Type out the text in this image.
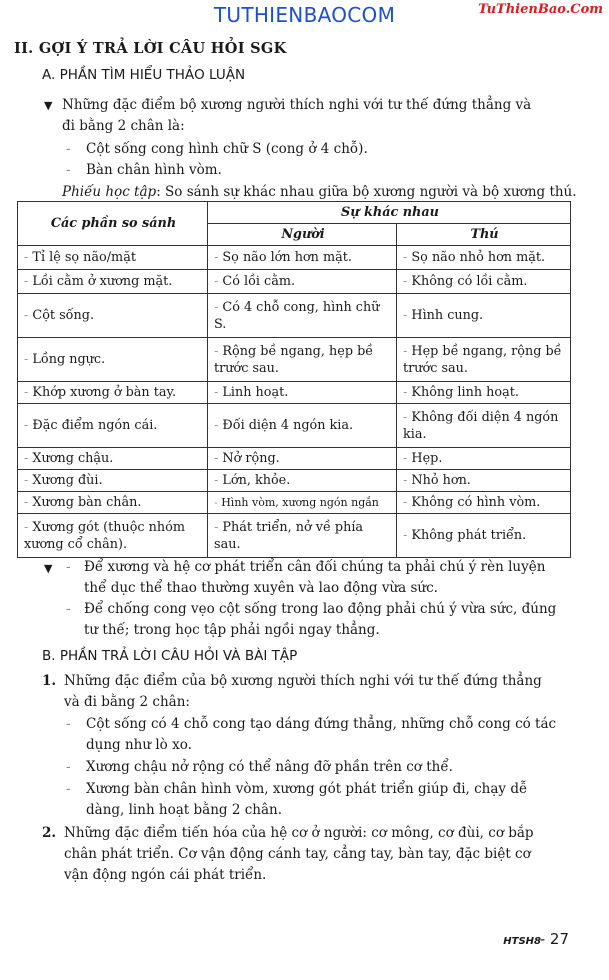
TUTHIENBAOCOM	TuThienBao.Com
II. GỢI Ý TRẢ LỜI CÂU HỎI SGK
A. PHẦN TÌM HIỂU THẢO LUẬN
▼ Những đặc điểm bộ xương người thích nghi với tư thế đứng thẳng và
đi bằng 2 chân là:
- Cột sống cong hình chữ S (cong ở 4 chỗ).
- Bàn chân hình vòm.
Phiếu học tập: So sánh sự khác nhau giữa bộ xương người và bộ xương thú.
Các phần so sánh	Sự khác nhau	
	Người	Thú
- Tỉ lệ sọ não/mặt	- Sọ não lớn hơn mặt.	- Sọ não nhỏ hơn mặt.
- Lồi cằm ở xương mặt.	- Có lồi cằm.	- Không có lồi cằm.
- Cột sống.	- Có 4 chỗ cong, hình chữ S.	- Hình cung.
- Lồng ngực.	- Rộng bề ngang, hẹp bề trước sau.	- Hẹp bề ngang, rộng bề trước sau.
- Khớp xương ở bàn tay.	- Linh hoạt.	- Không linh hoạt.
- Đặc điểm ngón cái.	- Đối diện 4 ngón kia.	- Không đối diện 4 ngón kia.
- Xương chậu.	- Nở rộng.	- Hẹp.
- Xương đùi.	- Lớn, khỏe.	- Nhỏ hơn.
- Xương bàn chân.	- Hình vòm, xương ngón ngắn	- Không có hình vòm.
- Xương gót (thuộc nhóm xương cổ chân).	- Phát triển, nở về phía sau.	- Không phát triển.
▼ - Để xương và hệ cơ phát triển cân đối chúng ta phải chú ý rèn luyện
thể dục thể thao thường xuyên và lao động vừa sức.
- Để chống cong vẹo cột sống trong lao động phải chú ý vừa sức, đúng
tư thế; trong học tập phải ngồi ngay thẳng.
B. PHẦN TRẢ LỜI CÂU HỎI VÀ BÀI TẬP
1. Những đặc điểm của bộ xương người thích nghi với tư thế đứng thẳng
và đi bằng 2 chân:
- Cột sống có 4 chỗ cong tạo dáng đứng thẳng, những chỗ cong có tác
dụng như lò xo.
- Xương chậu nở rộng có thể nâng đỡ phần trên cơ thể.
- Xương bàn chân hình vòm, xương gót phát triển giúp đi, chạy dễ
dàng, linh hoạt bằng 2 chân.
2. Những đặc điểm tiến hóa của hệ cơ ở người: cơ mông, cơ đùi, cơ bắp
chân phát triển. Cơ vận động cánh tay, cẳng tay, bàn tay, đặc biệt cơ
vận động ngón cái phát triển.
HTSH8
- 27
